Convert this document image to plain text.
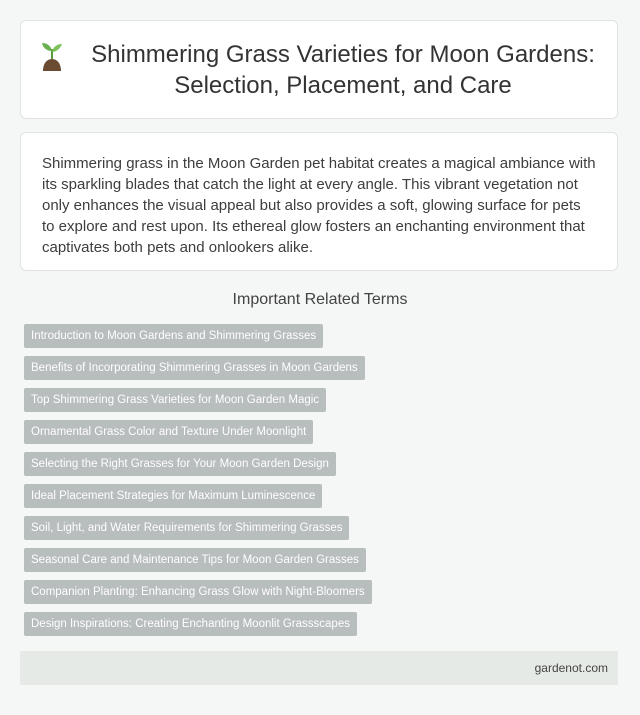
Shimmering Grass Varieties for Moon Gardens: Selection, Placement, and Care

Shimmering grass in the Moon Garden pet habitat creates a magical ambiance with its sparkling blades that catch the light at every angle. This vibrant vegetation not only enhances the visual appeal but also provides a soft, glowing surface for pets to explore and rest upon. Its ethereal glow fosters an enchanting environment that captivates both pets and onlookers alike.

Important Related Terms
Introduction to Moon Gardens and Shimmering Grasses
Benefits of Incorporating Shimmering Grasses in Moon Gardens
Top Shimmering Grass Varieties for Moon Garden Magic
Ornamental Grass Color and Texture Under Moonlight
Selecting the Right Grasses for Your Moon Garden Design
Ideal Placement Strategies for Maximum Luminescence
Soil, Light, and Water Requirements for Shimmering Grasses
Seasonal Care and Maintenance Tips for Moon Garden Grasses
Companion Planting: Enhancing Grass Glow with Night-Bloomers
Design Inspirations: Creating Enchanting Moonlit Grassscapes
gardenot.com
